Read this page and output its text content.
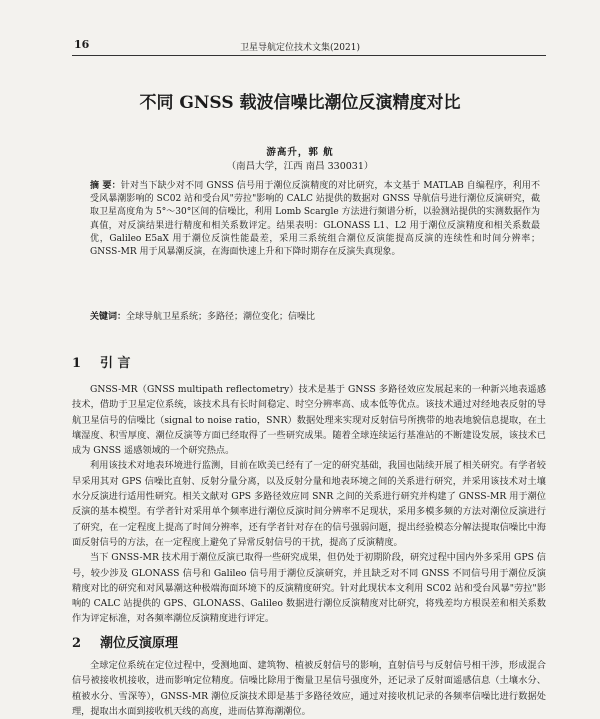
16	卫星导航定位技术文集(2021)
不同 GNSS 载波信噪比潮位反演精度对比
游高升，郭 航
（南昌大学，江西 南昌 330031）
摘 要：针对当下缺少对不同 GNSS 信号用于潮位反演精度的对比研究，本文基于 MATLAB 自编程序，利用不受风暴潮影响的 SC02 站和受台风"劳拉"影响的 CALC 站提供的数据对 GNSS 导航信号进行潮位反演研究，截取卫星高度角为 5°～30°区间的信噪比，利用 Lomb Scargle 方法进行频谱分析，以验测站提供的实测数据作为真值，对反演结果进行精度和相关系数评定。结果表明：GLONASS L1、L2 用于潮位反演精度和相关系数最优，Galileo E5aX 用于潮位反演性能最差，采用三系统组合潮位反演能提高反演的连续性和时间分辨率；GNSS-MR 用于风暴潮反演，在海面快速上升和下降时期存在反演失真现象。
关键词：全球导航卫星系统；多路径；潮位变化；信噪比
1 引 言

GNSS-MR（GNSS multipath reflectometry）技术是基于 GNSS 多路径效应发展起来的一种新兴地表遥感技术，借助于卫星定位系统，该技术具有长时间稳定、时空分辨率高、成本低等优点。该技术通过对经地表反射的导航卫星信号的信噪比（signal to noise ratio，SNR）数据处理来实现对反射信号所携带的地表地貌信息提取，在土壤湿度、积雪厚度、潮位反演等方面已经取得了一些研究成果。随着全球连续运行基准站的不断建设发展，该技术已成为 GNSS 遥感领域的一个研究热点。

利用该技术对地表环境进行监测，目前在欧美已经有了一定的研究基础，我国也陆续开展了相关研究。有学者较早采用其对 GPS 信噪比直射、反射分量分离，以及反射分量和地表环境之间的关系进行研究，并采用该技术对土壤水分反演进行适用性研究。相关文献对 GPS 多路径效应同 SNR 之间的关系进行研究并构建了 GNSS-MR 用于潮位反演的基本模型。有学者针对采用单个频率进行潮位反演时间分辨率不足现状，采用多模多频的方法对潮位反演进行了研究，在一定程度上提高了时间分辨率，还有学者针对存在的信号强弱问题，提出经验模态分解法提取信噪比中海面反射信号的方法，在一定程度上避免了异常反射信号的干扰，提高了反演精度。

当下 GNSS-MR 技术用于潮位反演已取得一些研究成果，但仍处于初期阶段，研究过程中国内外多采用 GPS 信号，较少涉及 GLONASS 信号和 Galileo 信号用于潮位反演研究，并且缺乏对不同 GNSS 不同信号用于潮位反演精度对比的研究和对风暴潮这种极端海面环境下的反演精度研究。针对此现状本文利用 SC02 站和受台风暴"劳拉"影响的 CALC 站提供的 GPS、GLONASS、Galileo 数据进行潮位反演精度对比研究，将残差均方根误差和相关系数作为评定标准，对各频率潮位反演精度进行评定。

2 潮位反演原理

全球定位系统在定位过程中，受测地面、建筑物、植被反射信号的影响，直射信号与反射信号相干涉，形成混合信号被接收机接收，进而影响定位精度。信噪比除用于衡量卫星信号强度外，还记录了反射面遥感信息（土壤水分、植被水分、雪深等），GNSS-MR 潮位反演技术即是基于多路径效应，通过对接收机记录的各频率信噪比进行数据处理，提取出水面到接收机天线的高度，进而估算海潮潮位。
